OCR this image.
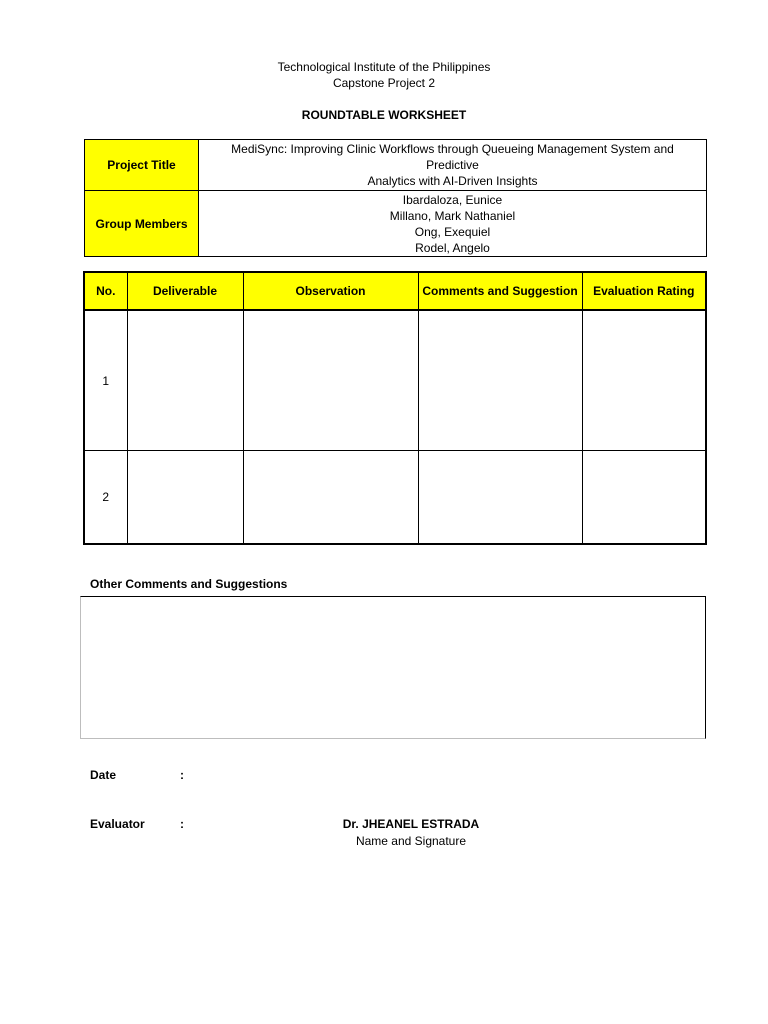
Technological Institute of the Philippines
Capstone Project 2
ROUNDTABLE WORKSHEET
Project Title	MediSync: Improving Clinic Workflows through Queueing Management System and Predictive
Analytics with AI-Driven Insights

Group Members	Ibardaloza, Eunice
Millano, Mark Nathaniel
Ong, Exequiel
Rodel, Angelo
No.	Deliverable	Observation	Comments and Suggestion	Evaluation Rating
1				
2				
Other Comments and Suggestions
Date	:
Evaluator	:	Dr. JHEANEL ESTRADA
Name and Signature
